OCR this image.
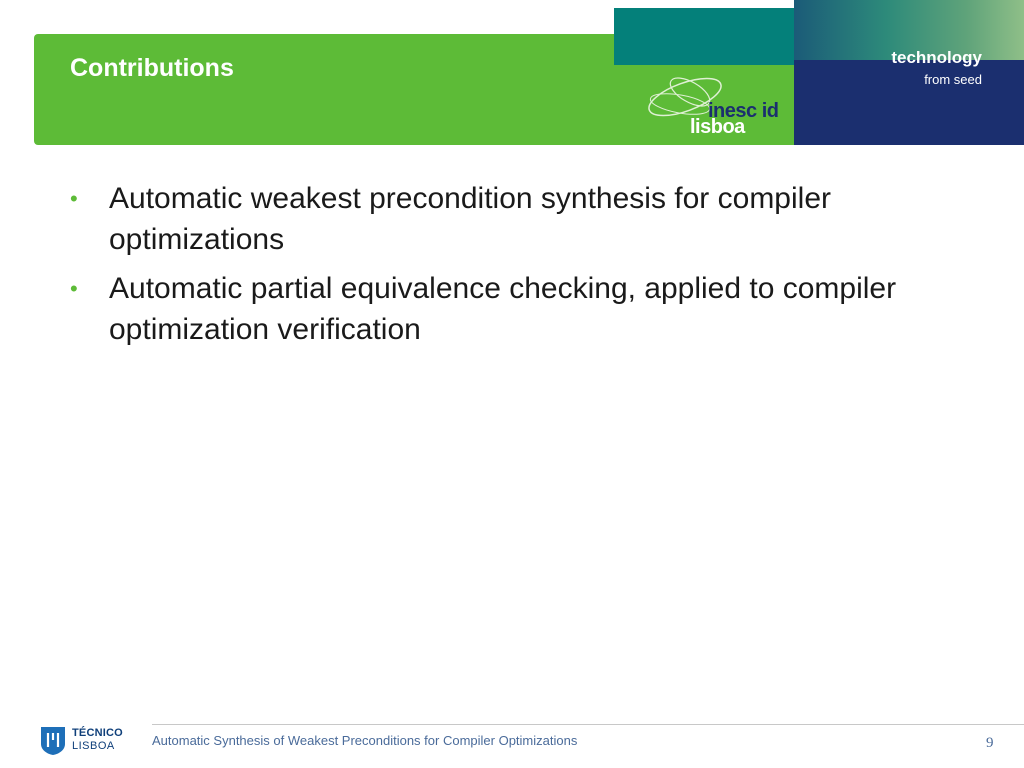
Contributions	technology
from seed
inesc id
lisboa
• Automatic weakest precondition synthesis for compiler optimizations
• Automatic partial equivalence checking, applied to compiler optimization verification
TÉCNICO
LISBOA	Automatic Synthesis of Weakest Preconditions for Compiler Optimizations	9
